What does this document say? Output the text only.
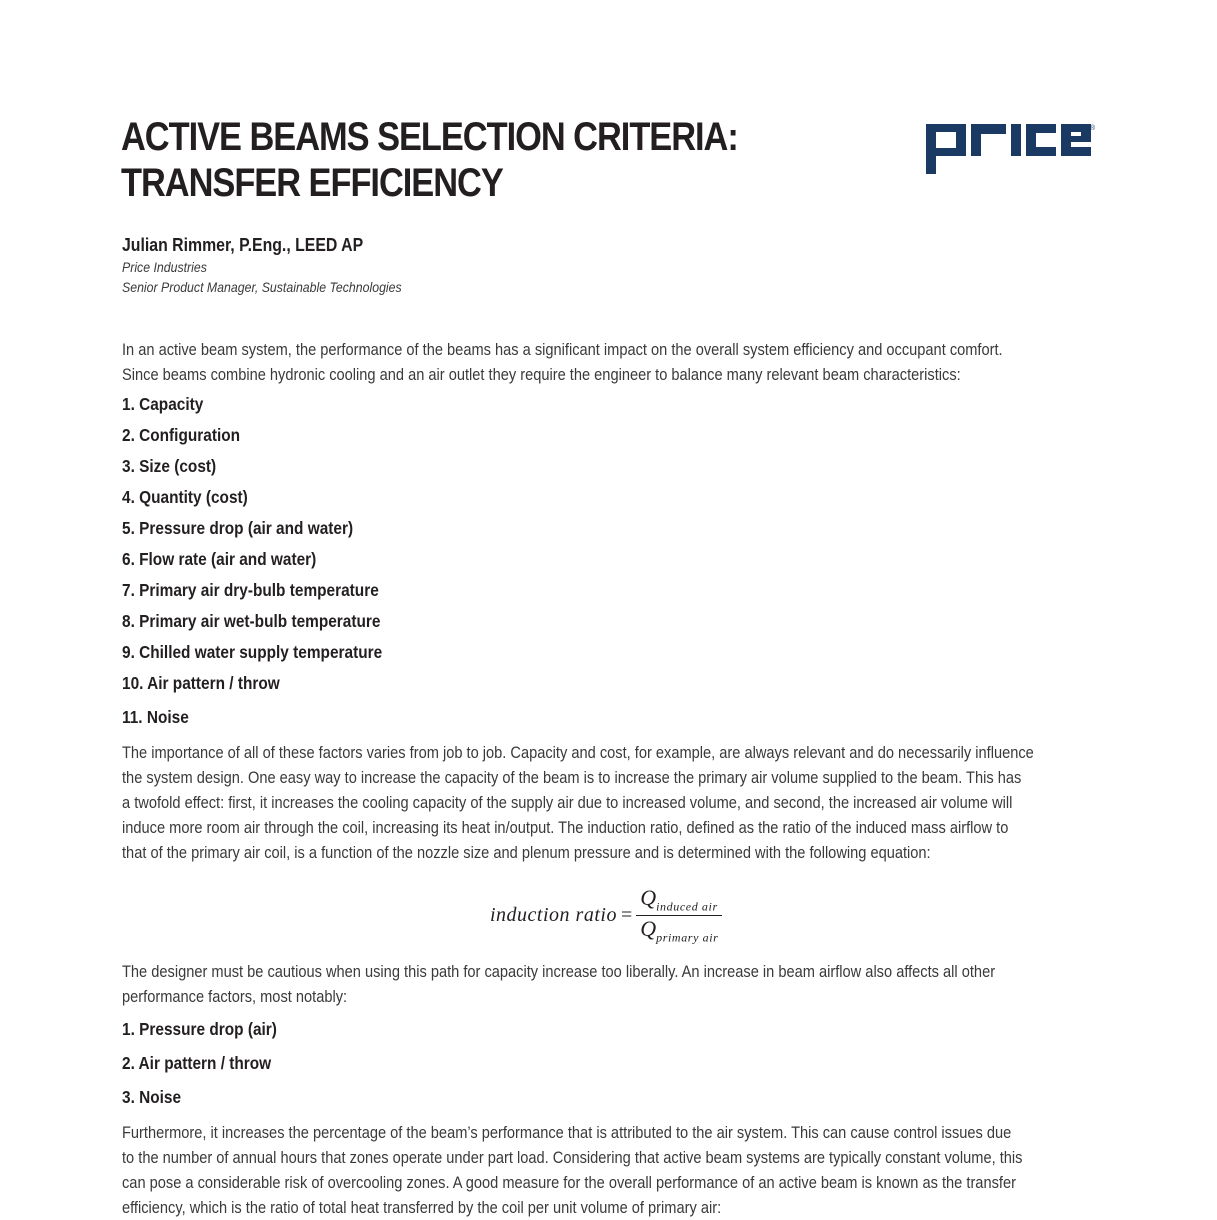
ACTIVE BEAMS SELECTION CRITERIA:
TRANSFER EFFICIENCY
®
Julian Rimmer, P.Eng., LEED AP
Price Industries
Senior Product Manager, Sustainable Technologies

In an active beam system, the performance of the beams has a significant impact on the overall system efficiency and occupant comfort.
Since beams combine hydronic cooling and an air outlet they require the engineer to balance many relevant beam characteristics:

1. Capacity
2. Configuration
3. Size (cost)
4. Quantity (cost)
5. Pressure drop (air and water)
6. Flow rate (air and water)
7. Primary air dry-bulb temperature
8. Primary air wet-bulb temperature
9. Chilled water supply temperature
10. Air pattern / throw
11. Noise

The importance of all of these factors varies from job to job. Capacity and cost, for example, are always relevant and do necessarily influence
the system design. One easy way to increase the capacity of the beam is to increase the primary air volume supplied to the beam. This has
a twofold effect: first, it increases the cooling capacity of the supply air due to increased volume, and second, the increased air volume will
induce more room air through the coil, increasing its heat in/output. The induction ratio, defined as the ratio of the induced mass airflow to
that of the primary air coil, is a function of the nozzle size and plenum pressure and is determined with the following equation:

induction ratio = $\frac{Q_{induced air}}{Q_{primary air}}$

The designer must be cautious when using this path for capacity increase too liberally. An increase in beam airflow also affects all other
performance factors, most notably:

1. Pressure drop (air)
2. Air pattern / throw
3. Noise

Furthermore, it increases the percentage of the beam’s performance that is attributed to the air system. This can cause control issues due
to the number of annual hours that zones operate under part load. Considering that active beam systems are typically constant volume, this
can pose a considerable risk of overcooling zones. A good measure for the overall performance of an active beam is known as the transfer
efficiency, which is the ratio of total heat transferred by the coil per unit volume of primary air:
